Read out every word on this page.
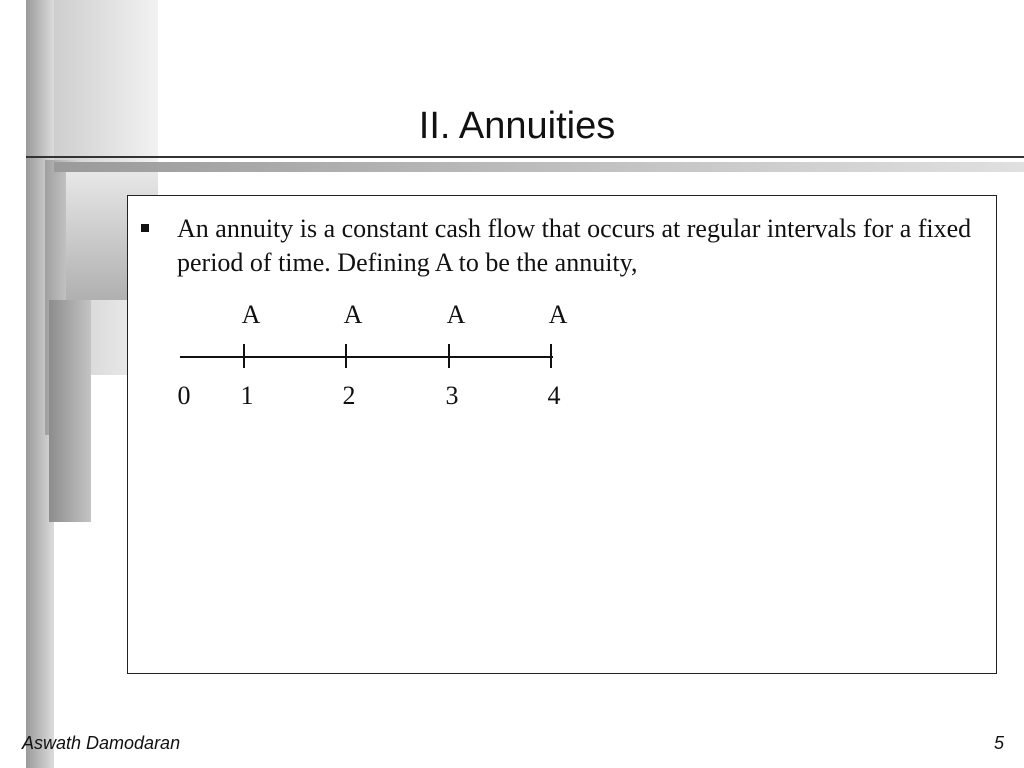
II. Annuities
An annuity is a constant cash flow that occurs at regular intervals for a fixed period of time. Defining A to be the annuity,
A	A	A	A
0	1	2	3	4
Aswath Damodaran	5
